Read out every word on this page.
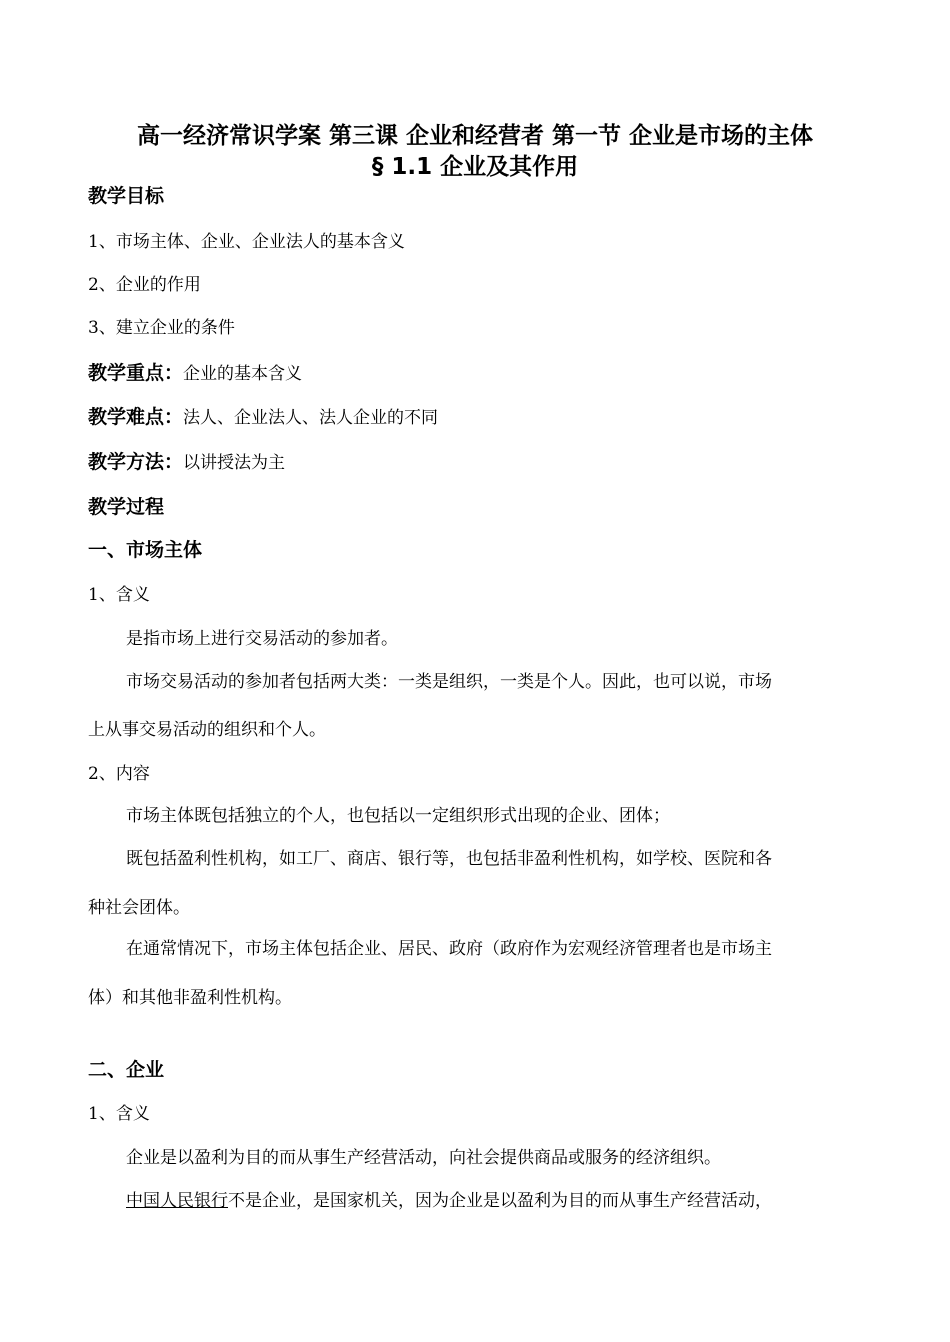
高一经济常识学案 第三课 企业和经营者 第一节 企业是市场的主体
§ 1.1 企业及其作用
教学目标
1、市场主体、企业、企业法人的基本含义
2、企业的作用
3、建立企业的条件
教学重点：企业的基本含义
教学难点：法人、企业法人、法人企业的不同
教学方法：以讲授法为主
教学过程
一、市场主体
1、含义
是指市场上进行交易活动的参加者。
市场交易活动的参加者包括两大类：一类是组织，一类是个人。因此，也可以说，市场
上从事交易活动的组织和个人。
2、内容
市场主体既包括独立的个人，也包括以一定组织形式出现的企业、团体；
既包括盈利性机构，如工厂、商店、银行等，也包括非盈利性机构，如学校、医院和各
种社会团体。
在通常情况下，市场主体包括企业、居民、政府（政府作为宏观经济管理者也是市场主
体）和其他非盈利性机构。
二、企业
1、含义
企业是以盈利为目的而从事生产经营活动，向社会提供商品或服务的经济组织。
中国人民银行不是企业，是国家机关，因为企业是以盈利为目的而从事生产经营活动，
